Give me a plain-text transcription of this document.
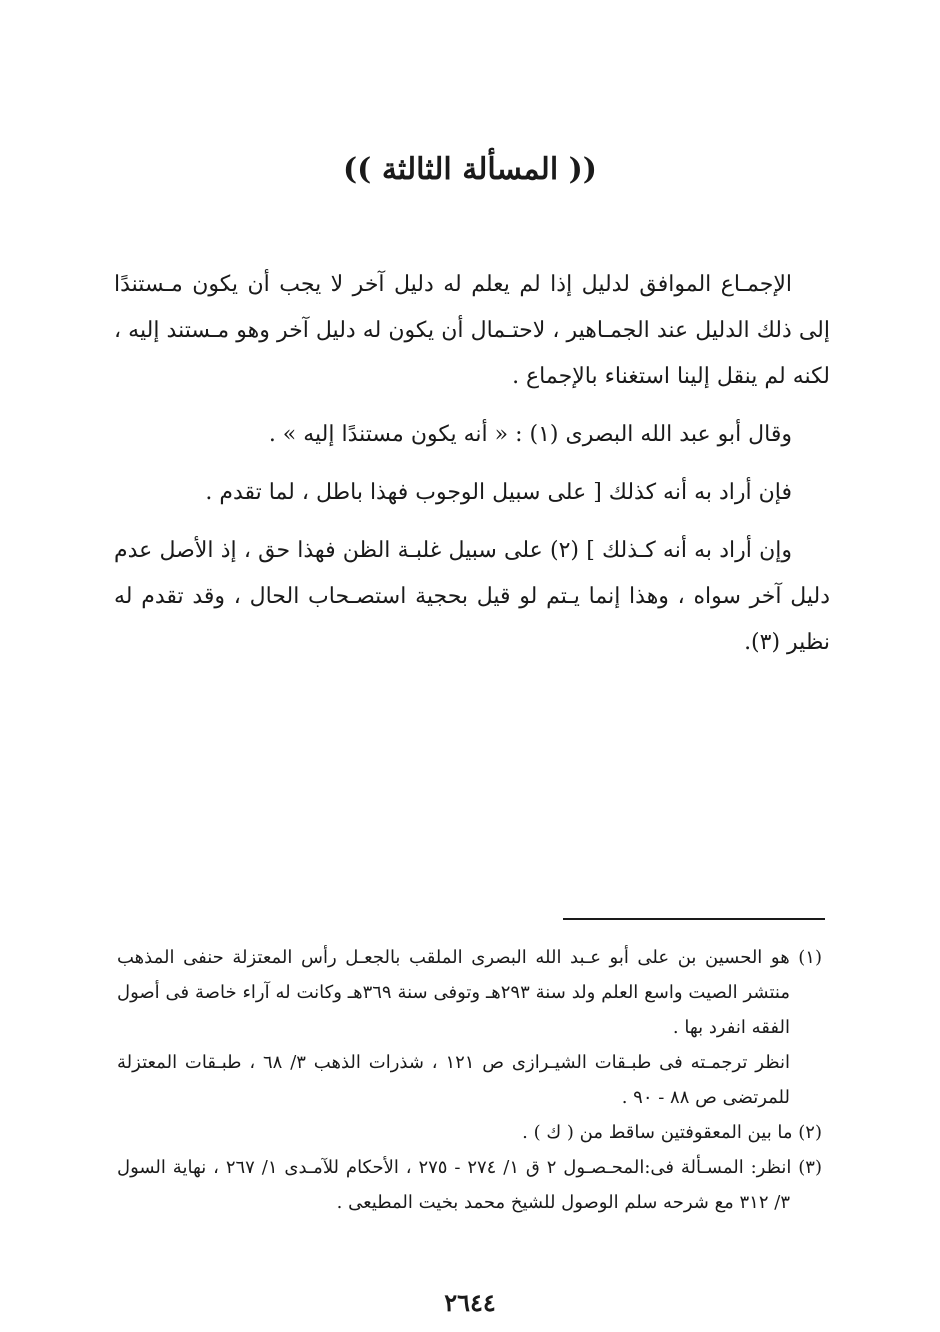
(( المسألة الثالثة ))

الإجمـاع الموافق لدليل إذا لم يعلم له دليل آخر لا يجب أن يكون مـستندًا إلى ذلك الدليل عند الجمـاهير ، لاحتـمال أن يكون له دليل آخر وهو مـستند إليه ، لكنه لم ينقل إلينا استغناء بالإجماع .

وقال أبو عبد الله البصرى (١) : « أنه يكون مستندًا إليه » .

فإن أراد به أنه كذلك [ على سبيل الوجوب فهذا باطل ، لما تقدم .

وإن أراد به أنه كـذلك ] (٢) على سبيل غلبـة الظن فهذا حق ، إذ الأصل عدم دليل آخر سواه ، وهذا إنما يـتم لو قيل بحجية استصـحاب الحال ، وقد تقدم له نظير (٣).

(١) هو الحسين بن على أبو عـبد الله البصرى الملقب بالجعـل رأس المعتزلة حنفى المذهب منتشر الصيت واسع العلم ولد سنة ٢٩٣هـ وتوفى سنة ٣٦٩هـ وكانت له آراء خاصة فى أصول الفقه انفرد بها .

انظر ترجمـته فى طبـقات الشيـرازى ص ١٢١ ، شذرات الذهب ٣/ ٦٨ ، طبـقات المعتزلة للمرتضى ص ٨٨ - ٩٠ .

(٢) ما بين المعقوفتين ساقط من ( ك ) .

(٣) انظر: المسـألة فى:المحـصـول ٢ ق ١/ ٢٧٤ - ٢٧٥ ، الأحكام للآمـدى ١/ ٢٦٧ ، نهاية السول ٣/ ٣١٢ مع شرحه سلم الوصول للشيخ محمد بخيت المطيعى .

٢٦٤٤
